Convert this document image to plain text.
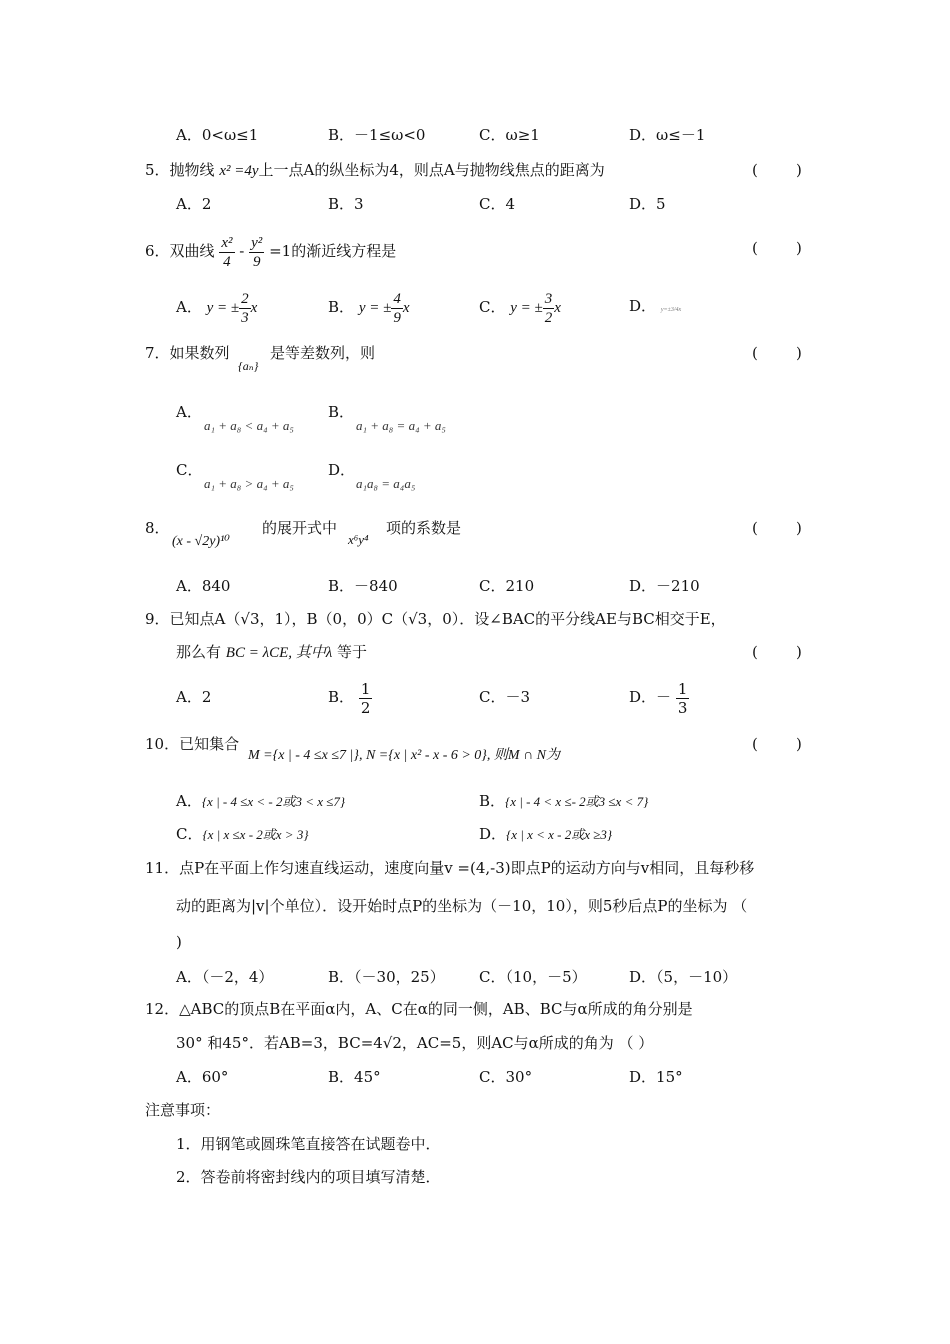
A．0<ω≤1	B．－1≤ω<0	C．ω≥1	D．ω≤－1
5．抛物线 x² =4y上一点A的纵坐标为4，则点A与抛物线焦点的距离为	(        )
A．2	B．3	C．4	D．5
6．双曲线 $\frac{\text{x²}}{4} - \frac{\text{y²}}{9} =1$的渐近线方程是	(        )
A． y = ± $\frac{2}{3}$ x	B． y = ± $\frac{4}{9}$ x	C． y = ± $\frac{3}{2}$ x	D． y=±3/4x
7．如果数列
{aₙ}
是等差数列，则	(        )
A．
a₁ + a₈ < a₄ + a₅
B．
a₁ + a₈ = a₄ + a₅
C．
a₁ + a₈ > a₄ + a₅
D．
a₁a₈ = a₄a₅
8．
(x - √2y)¹⁰
的展开式中
x⁶y⁴
项的系数是	(        )
A．840	B．－840	C．210	D．－210
9．已知点A（√3，1），B（0，0）C（√3，0）．设∠BAC的平分线AE与BC相交于E，
那么有 BC = λCE, 其中λ 等于	(        )
A．2	B． $\frac{1}{2}$	C．－3	D．－ $\frac{1}{3}$
10．已知集合
M ={x | - 4 ≤x ≤7 |}, N ={x | x² - x - 6 > 0}, 则M ∩ N为
(        )
A．{x | - 4 ≤x < - 2或3 < x ≤7}	B．{x | - 4 < x ≤- 2或3 ≤x < 7}
C．{x | x ≤x - 2或x > 3}	D．{x | x < x - 2或x ≥3}
11．点P在平面上作匀速直线运动，速度向量v =(4,-3)即点P的运动方向与v相同，且每秒移
动的距离为|v|个单位）．设开始时点P的坐标为（－10，10），则5秒后点P的坐标为 （
)
A．（－2，4）	B．（－30，25） C．（10，－5）	D．（5，－10）
12．△ABC的顶点B在平面α内，A、C在α的同一侧，AB、BC与α所成的角分别是
30° 和45°．若AB=3，BC=4√2，AC=5，则AC与α所成的角为 （ ）
A．60°	B．45°	C．30°	D．15°
注意事项：
1．用钢笔或圆珠笔直接答在试题卷中．
2．答卷前将密封线内的项目填写清楚．
